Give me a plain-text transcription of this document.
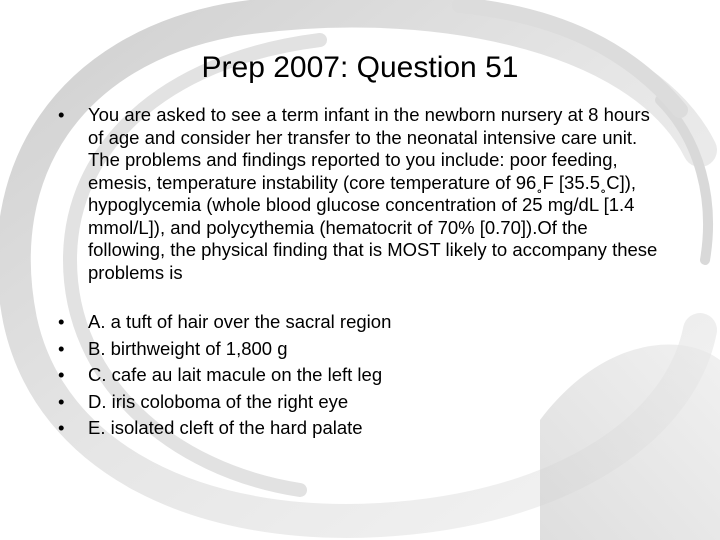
Prep 2007: Question 51
• You are asked to see a term infant in the newborn nursery at 8 hours of age and consider her transfer to the neonatal intensive care unit. The problems and findings reported to you include: poor feeding, emesis, temperature instability (core temperature of 96˳F [35.5˳C]), hypoglycemia (whole blood glucose concentration of 25 mg/dL [1.4 mmol/L]), and polycythemia (hematocrit of 70% [0.70]).Of the following, the physical finding that is MOST likely to accompany these problems is
• A. a tuft of hair over the sacral region
• B. birthweight of 1,800 g
• C. cafe au lait macule on the left leg
• D. iris coloboma of the right eye
• E. isolated cleft of the hard palate
